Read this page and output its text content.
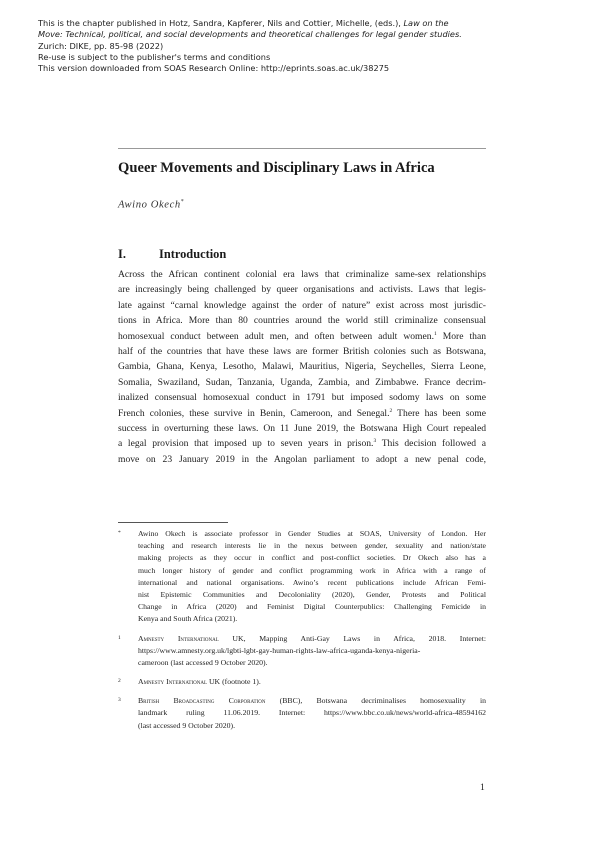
This is the chapter published in Hotz, Sandra, Kapferer, Nils and Cottier, Michelle, (eds.), Law on the
Move: Technical, political, and social developments and theoretical challenges for legal gender studies.
Zurich: DIKE, pp. 85-98 (2022)
Re-use is subject to the publisher's terms and conditions
This version downloaded from SOAS Research Online: http://eprints.soas.ac.uk/38275
Queer Movements and Disciplinary Laws in Africa
Awino Okech*
I.	Introduction
Across the African continent colonial era laws that criminalize same-sex relationships
are increasingly being challenged by queer organisations and activists. Laws that legis-
late against “carnal knowledge against the order of nature” exist across most jurisdic-
tions in Africa. More than 80 countries around the world still criminalize consensual
homosexual conduct between adult men, and often between adult women.$^1$ More than
half of the countries that have these laws are former British colonies such as Botswana,
Gambia, Ghana, Kenya, Lesotho, Malawi, Mauritius, Nigeria, Seychelles, Sierra Leone,
Somalia, Swaziland, Sudan, Tanzania, Uganda, Zambia, and Zimbabwe. France decrim-
inalized consensual homosexual conduct in 1791 but imposed sodomy laws on some
French colonies, these survive in Benin, Cameroon, and Senegal.$^2$ There has been some
success in overturning these laws. On 11 June 2019, the Botswana High Court repealed
a legal provision that imposed up to seven years in prison.$^3$ This decision followed a
move on 23 January 2019 in the Angolan parliament to adopt a new penal code,
* Awino Okech is associate professor in Gender Studies at SOAS, University of London. Her
teaching and research interests lie in the nexus between gender, sexuality and nation/state
making projects as they occur in conflict and post-conflict societies. Dr Okech also has a
much longer history of gender and conflict programming work in Africa with a range of
international and national organisations. Awino’s recent publications include African Femi-
nist Epistemic Communities and Decoloniality (2020), Gender, Protests and Political
Change in Africa (2020) and Feminist Digital Counterpublics: Challenging Femicide in
Kenya and South Africa (2021).
1 Amnesty International UK, Mapping Anti-Gay Laws in Africa, 2018. Internet:
https://www.amnesty.org.uk/lgbti-lgbt-gay-human-rights-law-africa-uganda-kenya-nigeria-
cameroon (last accessed 9 October 2020).
2 Amnesty International UK (footnote 1).
3 British Broadcasting Corporation (BBC), Botswana decriminalises homosexuality in
landmark ruling 11.06.2019. Internet: https://www.bbc.co.uk/news/world-africa-48594162
(last accessed 9 October 2020).
1
